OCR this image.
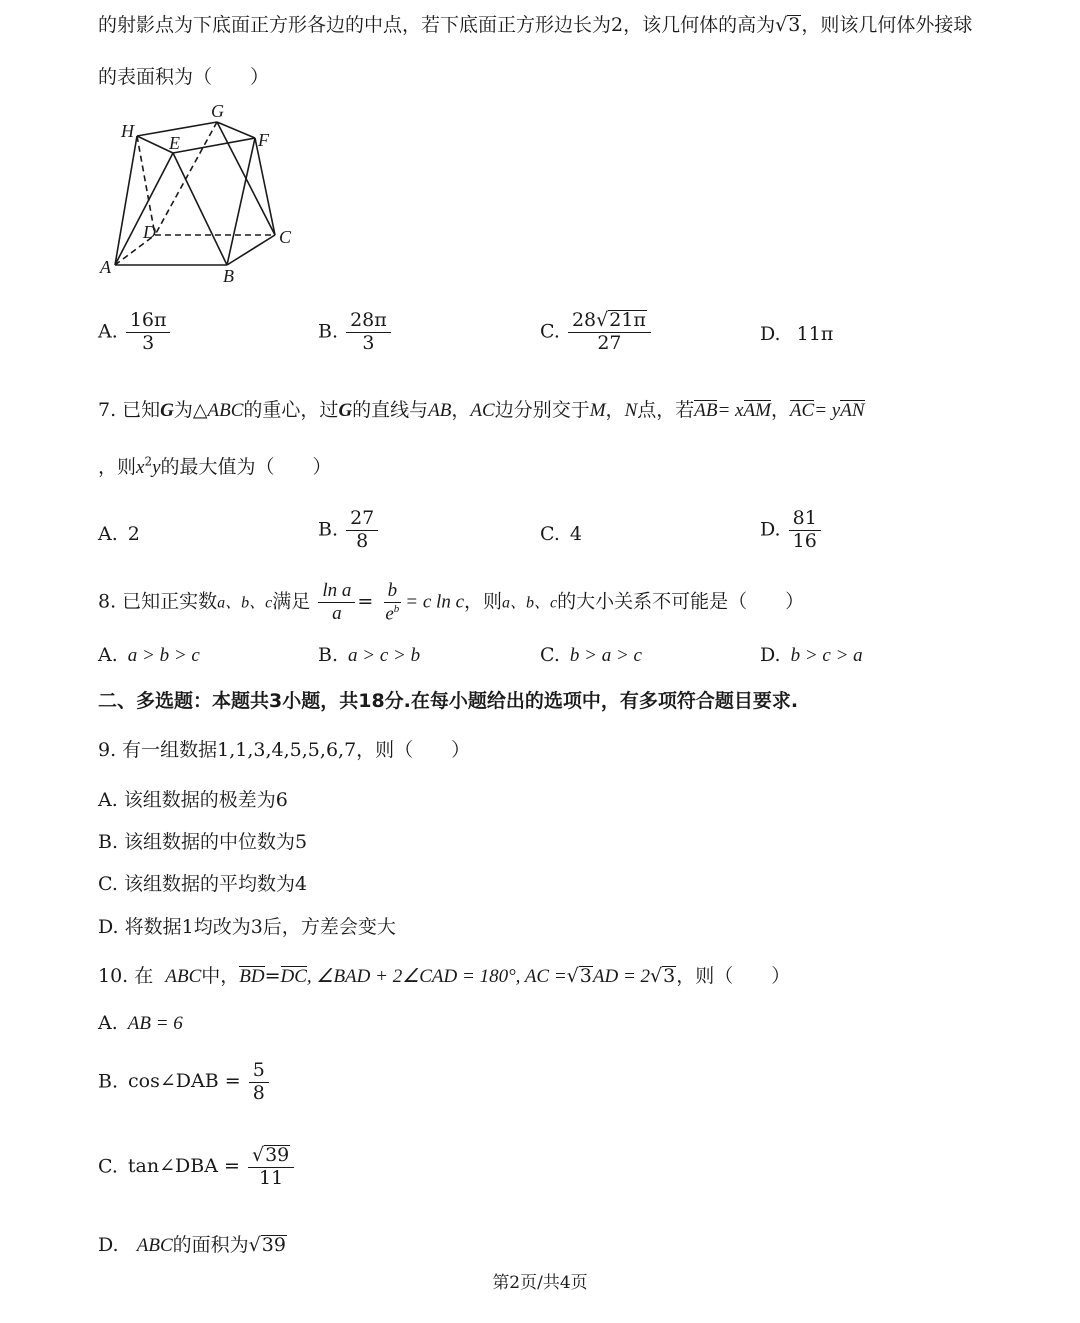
的射影点为下底面正方形各边的中点，若下底面正方形边长为2，该几何体的高为√3，则该几何体外接球
的表面积为（　　）
G
H
E	F
D	C
A	B
A. $\frac{16\pi}{3}$	B. $\frac{28\pi}{3}$	C. $\frac{28√21\pi}{27}$	D. 11π
7. 已知G为△ABC的重心，过G的直线与AB，AC边分别交于M，N点，若AB= xAM，AC= yAN
，则$x^2y$的最大值为（　　）
A. 2	B. $\frac{27}{8}$	C. 4	D. $\frac{81}{16}$
8. 已知正实数a、b、c满足 $\frac{\text{ln a}}{a} = \frac{b}{e^b} = c$ ln c，则a、b、c的大小关系不可能是（　　）
A. a > b > c	B. a > c > b	C. b > a > c	D. b > c > a
二、多选题：本题共3小题，共18分.在每小题给出的选项中，有多项符合题目要求.
9. 有一组数据1,1,3,4,5,5,6,7，则（　　）
A. 该组数据的极差为6
B. 该组数据的中位数为5
C. 该组数据的平均数为4
D. 将数据1均改为3后，方差会变大
10. 在 ABC中，BD=DC, ∠BAD + 2∠CAD = 180°, AC =√3AD = 2√3，则（　　）
A. AB = 6
B. cos∠DAB = $\frac{5}{8}$
C. tan∠DBA = $\frac{√39}{11}$
D. ABC的面积为√39
第2页/共4页
